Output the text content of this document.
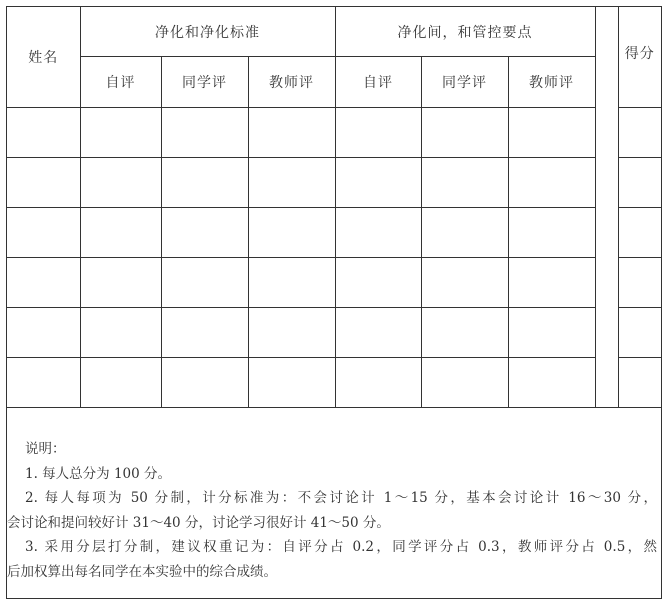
姓名	净化和净化标准			净化间，和管控要点				得分
	自评	同学评	教师评	自评	同学评	教师评		

说明：
1. 每人总分为 100 分。
2. 每人每项为 50 分制，计分标准为：不会讨论计 1～15 分，基本会讨论计 16～30 分，
会讨论和提问较好计 31～40 分，讨论学习很好计 41～50 分。
3. 采用分层打分制，建议权重记为：自评分占 0.2，同学评分占 0.3，教师评分占 0.5，然
后加权算出每名同学在本实验中的综合成绩。
